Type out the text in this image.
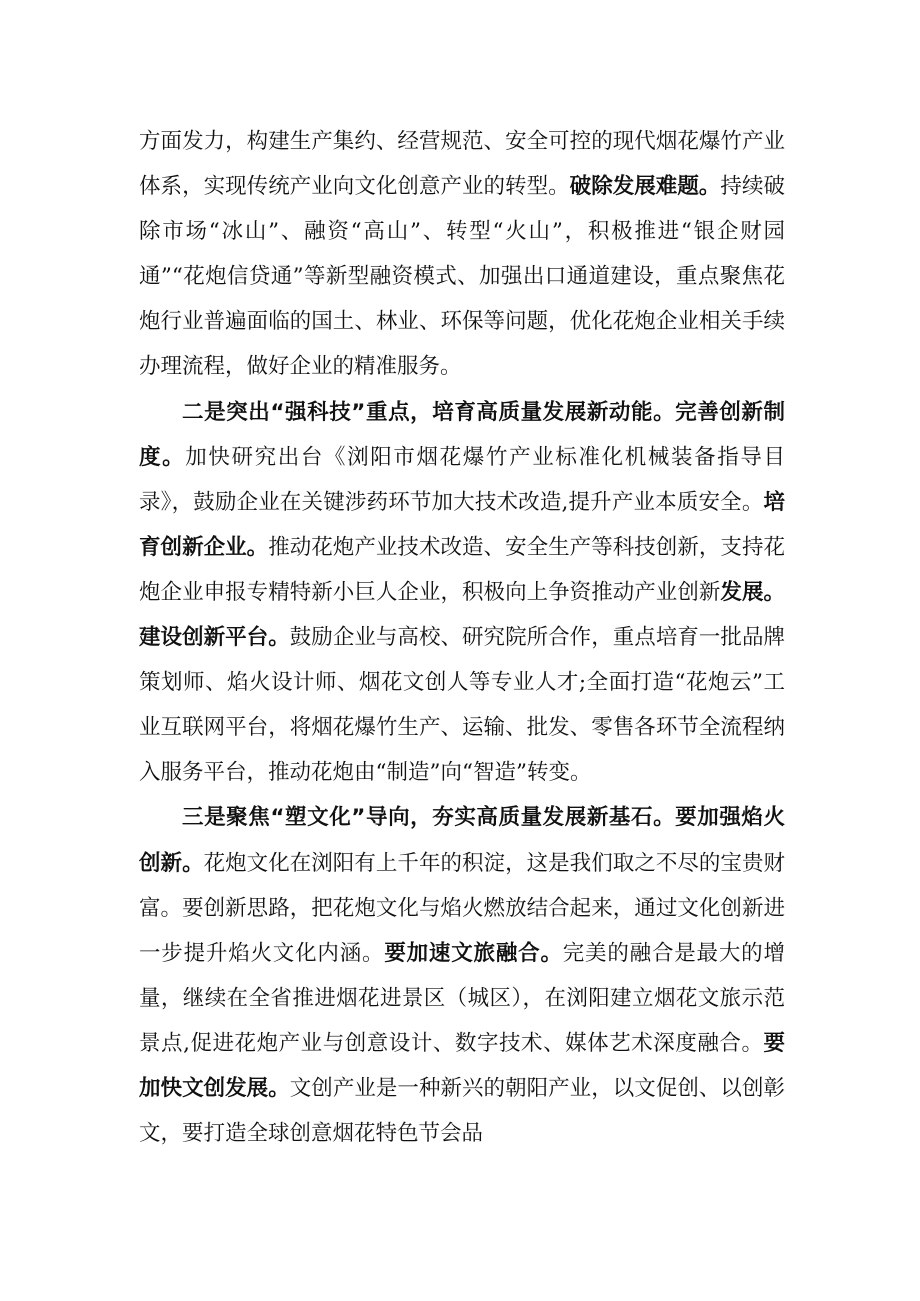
方面发力，构建生产集约、经营规范、安全可控的现代烟花爆竹产业体系，实现传统产业向文化创意产业的转型。破除发展难题。持续破除市场“冰山”、融资“高山”、转型“火山”，积极推进“银企财园通”“花炮信贷通”等新型融资模式、加强出口通道建设，重点聚焦花炮行业普遍面临的国土、林业、环保等问题，优化花炮企业相关手续办理流程，做好企业的精准服务。

二是突出“强科技”重点，培育高质量发展新动能。完善创新制度。加快研究出台《浏阳市烟花爆竹产业标准化机械装备指导目录》，鼓励企业在关键涉药环节加大技术改造,提升产业本质安全。培育创新企业。推动花炮产业技术改造、安全生产等科技创新，支持花炮企业申报专精特新小巨人企业，积极向上争资推动产业创新发展。建设创新平台。鼓励企业与高校、研究院所合作，重点培育一批品牌策划师、焰火设计师、烟花文创人等专业人才;全面打造“花炮云”工业互联网平台，将烟花爆竹生产、运输、批发、零售各环节全流程纳入服务平台，推动花炮由“制造”向“智造”转变。

三是聚焦“塑文化”导向，夯实高质量发展新基石。要加强焰火创新。花炮文化在浏阳有上千年的积淀，这是我们取之不尽的宝贵财富。要创新思路，把花炮文化与焰火燃放结合起来，通过文化创新进一步提升焰火文化内涵。要加速文旅融合。完美的融合是最大的增量，继续在全省推进烟花进景区（城区），在浏阳建立烟花文旅示范景点,促进花炮产业与创意设计、数字技术、媒体艺术深度融合。要加快文创发展。文创产业是一种新兴的朝阳产业，以文促创、以创彰文，要打造全球创意烟花特色节会品
